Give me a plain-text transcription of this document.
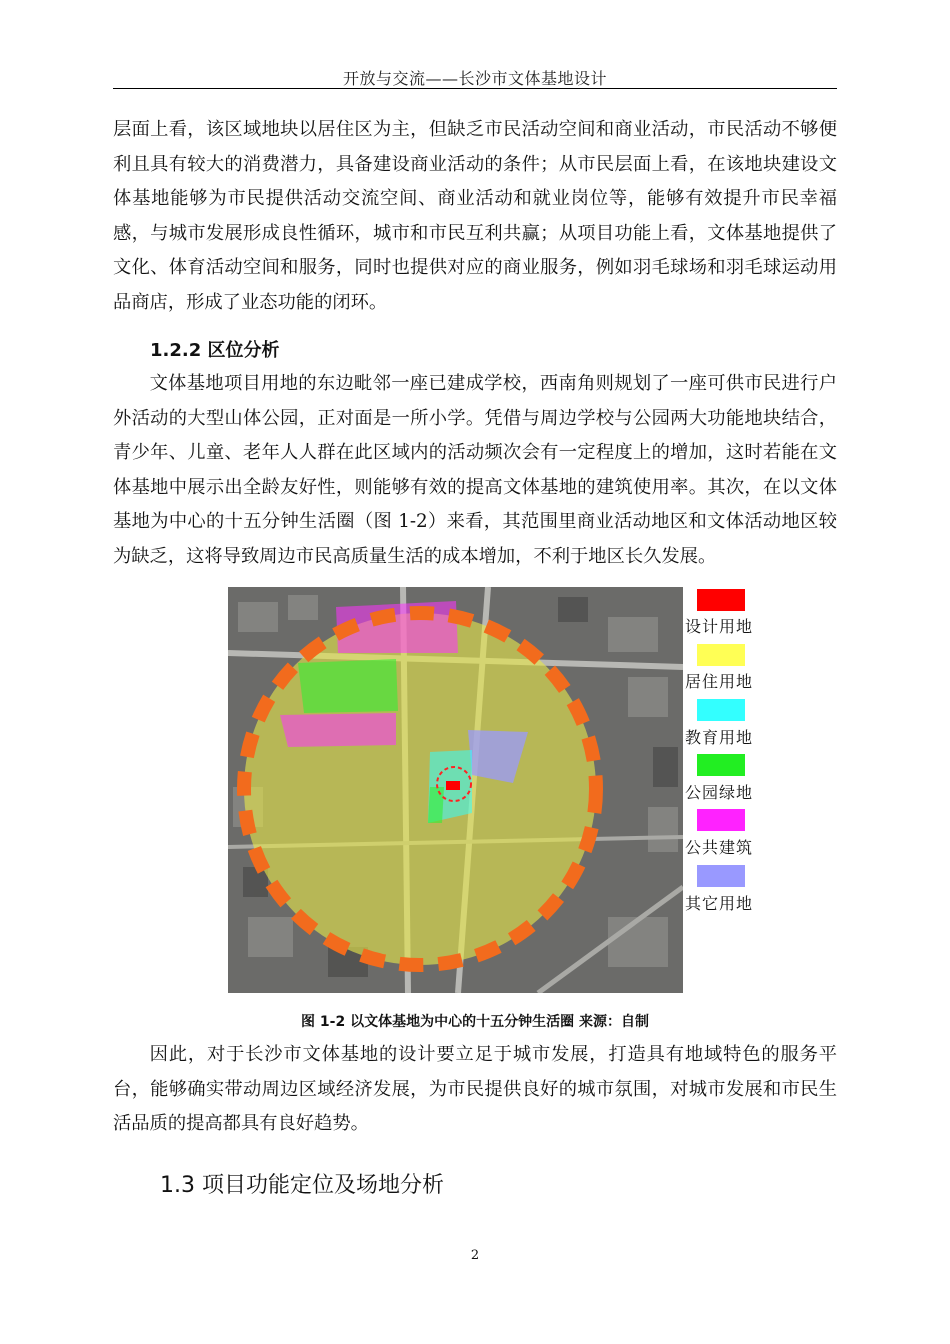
开放与交流——长沙市文体基地设计

层面上看，该区域地块以居住区为主，但缺乏市民活动空间和商业活动，市民活动不够便利且具有较大的消费潜力，具备建设商业活动的条件；从市民层面上看，在该地块建设文体基地能够为市民提供活动交流空间、商业活动和就业岗位等，能够有效提升市民幸福感，与城市发展形成良性循环，城市和市民互利共赢；从项目功能上看，文体基地提供了文化、体育活动空间和服务，同时也提供对应的商业服务，例如羽毛球场和羽毛球运动用品商店，形成了业态功能的闭环。

1.2.2 区位分析

文体基地项目用地的东边毗邻一座已建成学校，西南角则规划了一座可供市民进行户外活动的大型山体公园，正对面是一所小学。凭借与周边学校与公园两大功能地块结合，青少年、儿童、老年人人群在此区域内的活动频次会有一定程度上的增加，这时若能在文体基地中展示出全龄友好性，则能够有效的提高文体基地的建筑使用率。其次，在以文体基地为中心的十五分钟生活圈（图 1-2）来看，其范围里商业活动地区和文体活动地区较为缺乏，这将导致周边市民高质量生活的成本增加，不利于地区长久发展。

设计用地
居住用地
教育用地
公园绿地
公共建筑
其它用地
图 1-2 以文体基地为中心的十五分钟生活圈 来源：自制

因此，对于长沙市文体基地的设计要立足于城市发展，打造具有地域特色的服务平台，能够确实带动周边区域经济发展，为市民提供良好的城市氛围，对城市发展和市民生活品质的提高都具有良好趋势。

1.3 项目功能定位及场地分析
2
